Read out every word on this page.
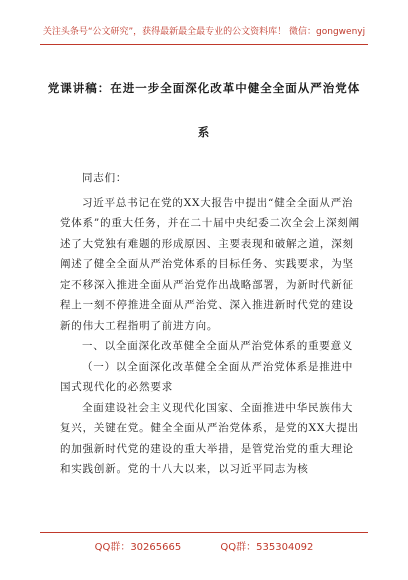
关注头条号“公文研究”，获得最新最全最专业的公文资料库！ 微信：gongwenyj
党课讲稿：在进一步全面深化改革中健全全面从严治党体
系

同志们：

习近平总书记在党的XX大报告中提出“健全全面从严治党体系”的重大任务，并在二十届中央纪委二次全会上深刻阐述了大党独有难题的形成原因、主要表现和破解之道，深刻阐述了健全全面从严治党体系的目标任务、实践要求，为坚定不移深入推进全面从严治党作出战略部署，为新时代新征程上一刻不停推进全面从严治党、深入推进新时代党的建设新的伟大工程指明了前进方向。

一、以全面深化改革健全全面从严治党体系的重要意义

（一）以全面深化改革健全全面从严治党体系是推进中国式现代化的必然要求

全面建设社会主义现代化国家、全面推进中华民族伟大复兴，关键在党。健全全面从严治党体系，是党的XX大提出的加强新时代党的建设的重大举措，是管党治党的重大理论和实践创新。党的十八大以来，以习近平同志为核

QQ群：30265665	QQ群：535304092
